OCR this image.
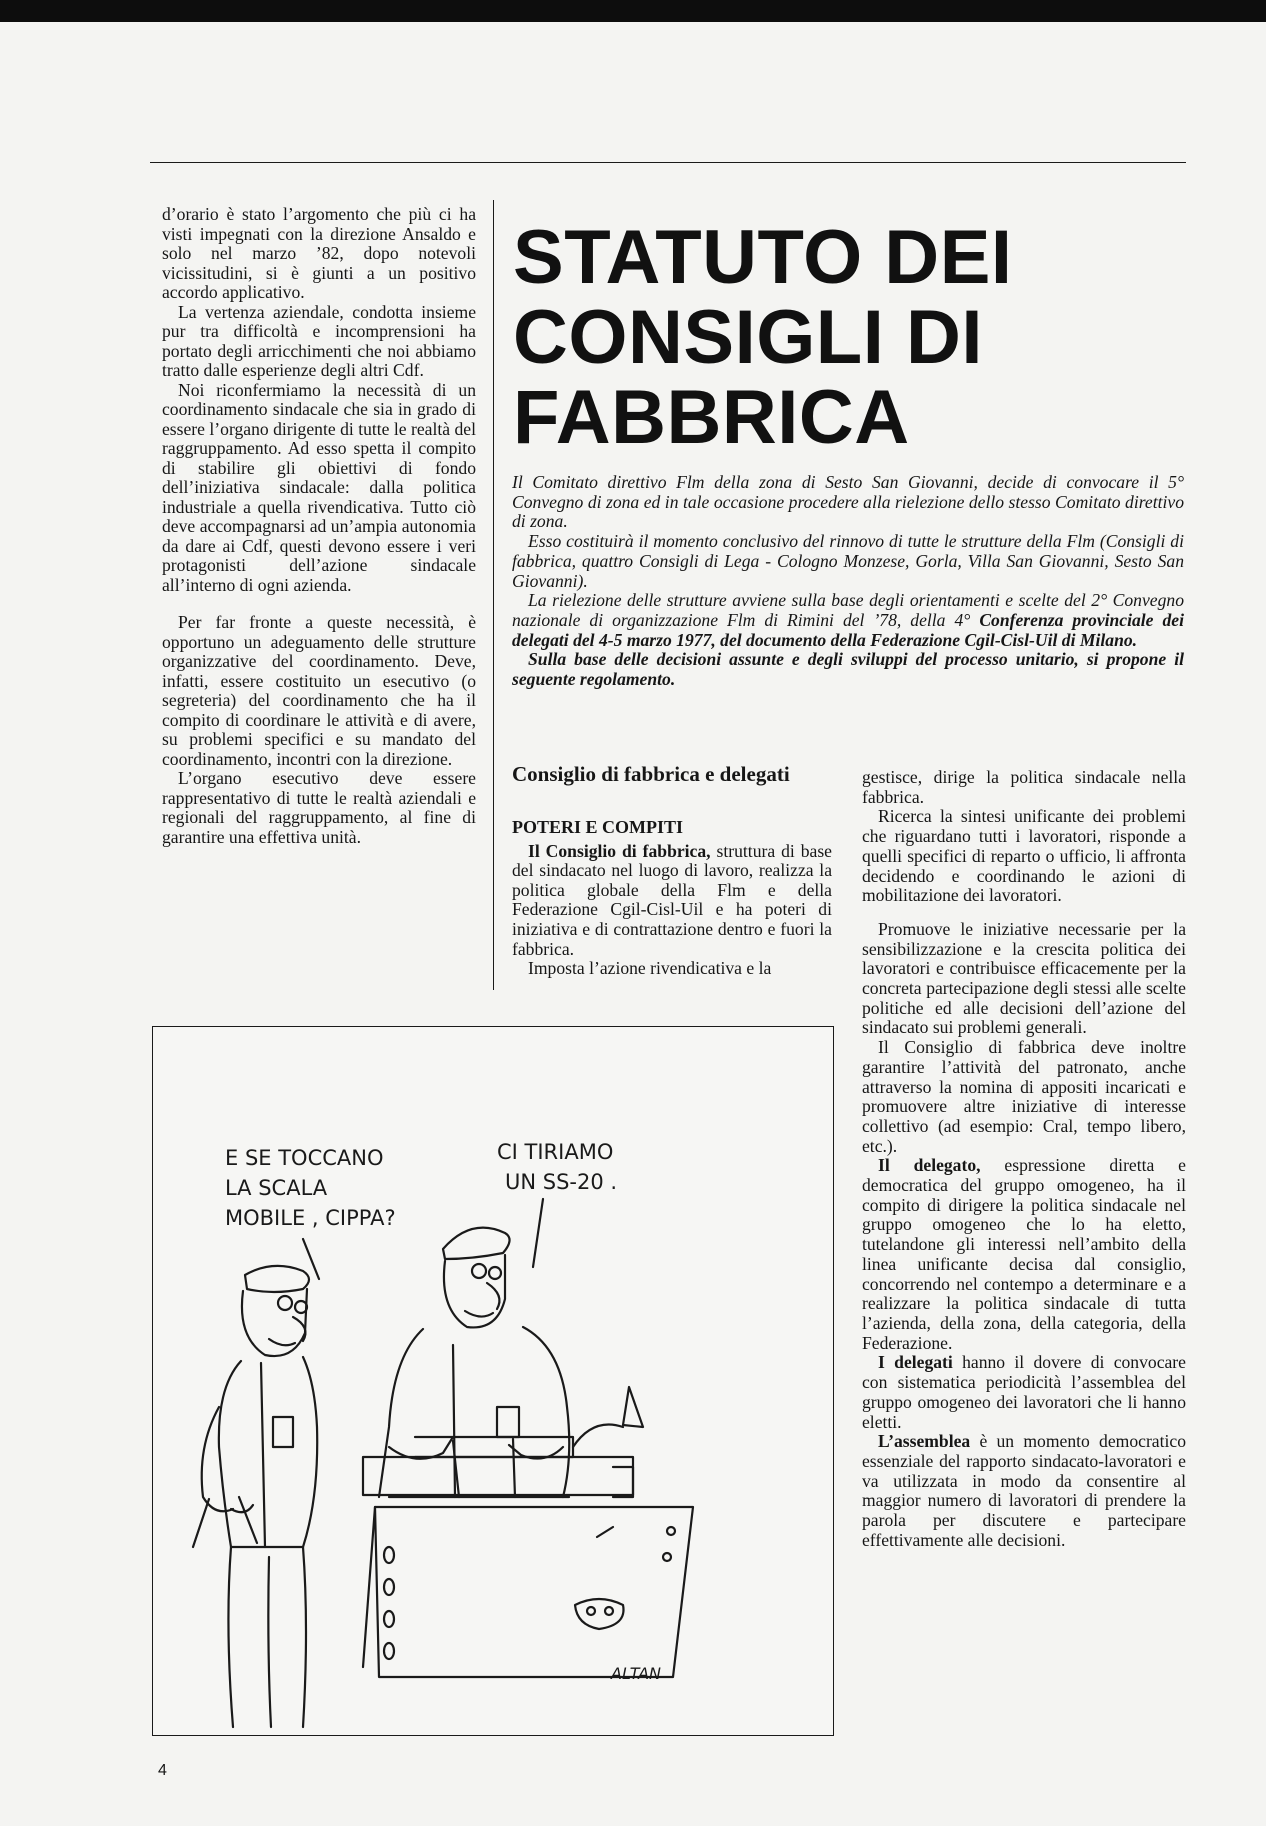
d’orario è stato l’argomento che più ci ha visti impegnati con la direzione Ansaldo e solo nel marzo ’82, dopo notevoli vicissitudini, si è giunti a un positivo accordo applicativo.

La vertenza aziendale, condotta insieme pur tra difficoltà e incomprensioni ha portato degli arricchimenti che noi abbiamo tratto dalle esperienze degli altri Cdf.

Noi riconfermiamo la necessità di un coordinamento sindacale che sia in grado di essere l’organo dirigente di tutte le realtà del raggruppamento. Ad esso spetta il compito di stabilire gli obiettivi di fondo dell’iniziativa sindacale: dalla politica industriale a quella rivendicativa. Tutto ciò deve accompagnarsi ad un’ampia autonomia da dare ai Cdf, questi devono essere i veri protagonisti dell’azione sindacale all’interno di ogni azienda.

Per far fronte a queste necessità, è opportuno un adeguamento delle strutture organizzative del coordinamento. Deve, infatti, essere costituito un esecutivo (o segreteria) del coordinamento che ha il compito di coordinare le attività e di avere, su problemi specifici e su mandato del coordinamento, incontri con la direzione.

L’organo esecutivo deve essere rappresentativo di tutte le realtà aziendali e regionali del raggruppamento, al fine di garantire una effettiva unità.

STATUTO DEI CONSIGLI DI FABBRICA

Il Comitato direttivo Flm della zona di Sesto San Giovanni, decide di convocare il 5° Convegno di zona ed in tale occasione procedere alla rielezione dello stesso Comitato direttivo di zona.

Esso costituirà il momento conclusivo del rinnovo di tutte le strutture della Flm (Consigli di fabbrica, quattro Consigli di Lega - Cologno Monzese, Gorla, Villa San Giovanni, Sesto San Giovanni).

La rielezione delle strutture avviene sulla base degli orientamenti e scelte del 2° Convegno nazionale di organizzazione Flm di Rimini del ’78, della 4° Conferenza provinciale dei delegati del 4-5 marzo 1977, del documento della Federazione Cgil-Cisl-Uil di Milano.

Sulla base delle decisioni assunte e degli sviluppi del processo unitario, si propone il seguente regolamento.

Consiglio di fabbrica e delegati
POTERI E COMPITI

Il Consiglio di fabbrica, struttura di base del sindacato nel luogo di lavoro, realizza la politica globale della Flm e della Federazione Cgil-Cisl-Uil e ha poteri di iniziativa e di contrattazione dentro e fuori la fabbrica.

Imposta l’azione rivendicativa e la

gestisce, dirige la politica sindacale nella fabbrica.

Ricerca la sintesi unificante dei problemi che riguardano tutti i lavoratori, risponde a quelli specifici di reparto o ufficio, li affronta decidendo e coordinando le azioni di mobilitazione dei lavoratori.

Promuove le iniziative necessarie per la sensibilizzazione e la crescita politica dei lavoratori e contribuisce efficacemente per la concreta partecipazione degli stessi alle scelte politiche ed alle decisioni dell’azione del sindacato sui problemi generali.

Il Consiglio di fabbrica deve inoltre garantire l’attività del patronato, anche attraverso la nomina di appositi incaricati e promuovere altre iniziative di interesse collettivo (ad esempio: Cral, tempo libero, etc.).

Il delegato, espressione diretta e democratica del gruppo omogeneo, ha il compito di dirigere la politica sindacale nel gruppo omogeneo che lo ha eletto, tutelandone gli interessi nell’ambito della linea unificante decisa dal consiglio, concorrendo nel contempo a determinare e a realizzare la politica sindacale di tutta l’azienda, della zona, della categoria, della Federazione.

I delegati hanno il dovere di convocare con sistematica periodicità l’assemblea del gruppo omogeneo dei lavoratori che li hanno eletti.

L’assemblea è un momento democratico essenziale del rapporto sindacato-lavoratori e va utilizzata in modo da consentire al maggior numero di lavoratori di prendere la parola per discutere e partecipare effettivamente alle decisioni.

E SE TOCCANO
LA SCALA
MOBILE , CIPPA?
CI TIRIAMO
UN SS-20 .
ALTAN
4
